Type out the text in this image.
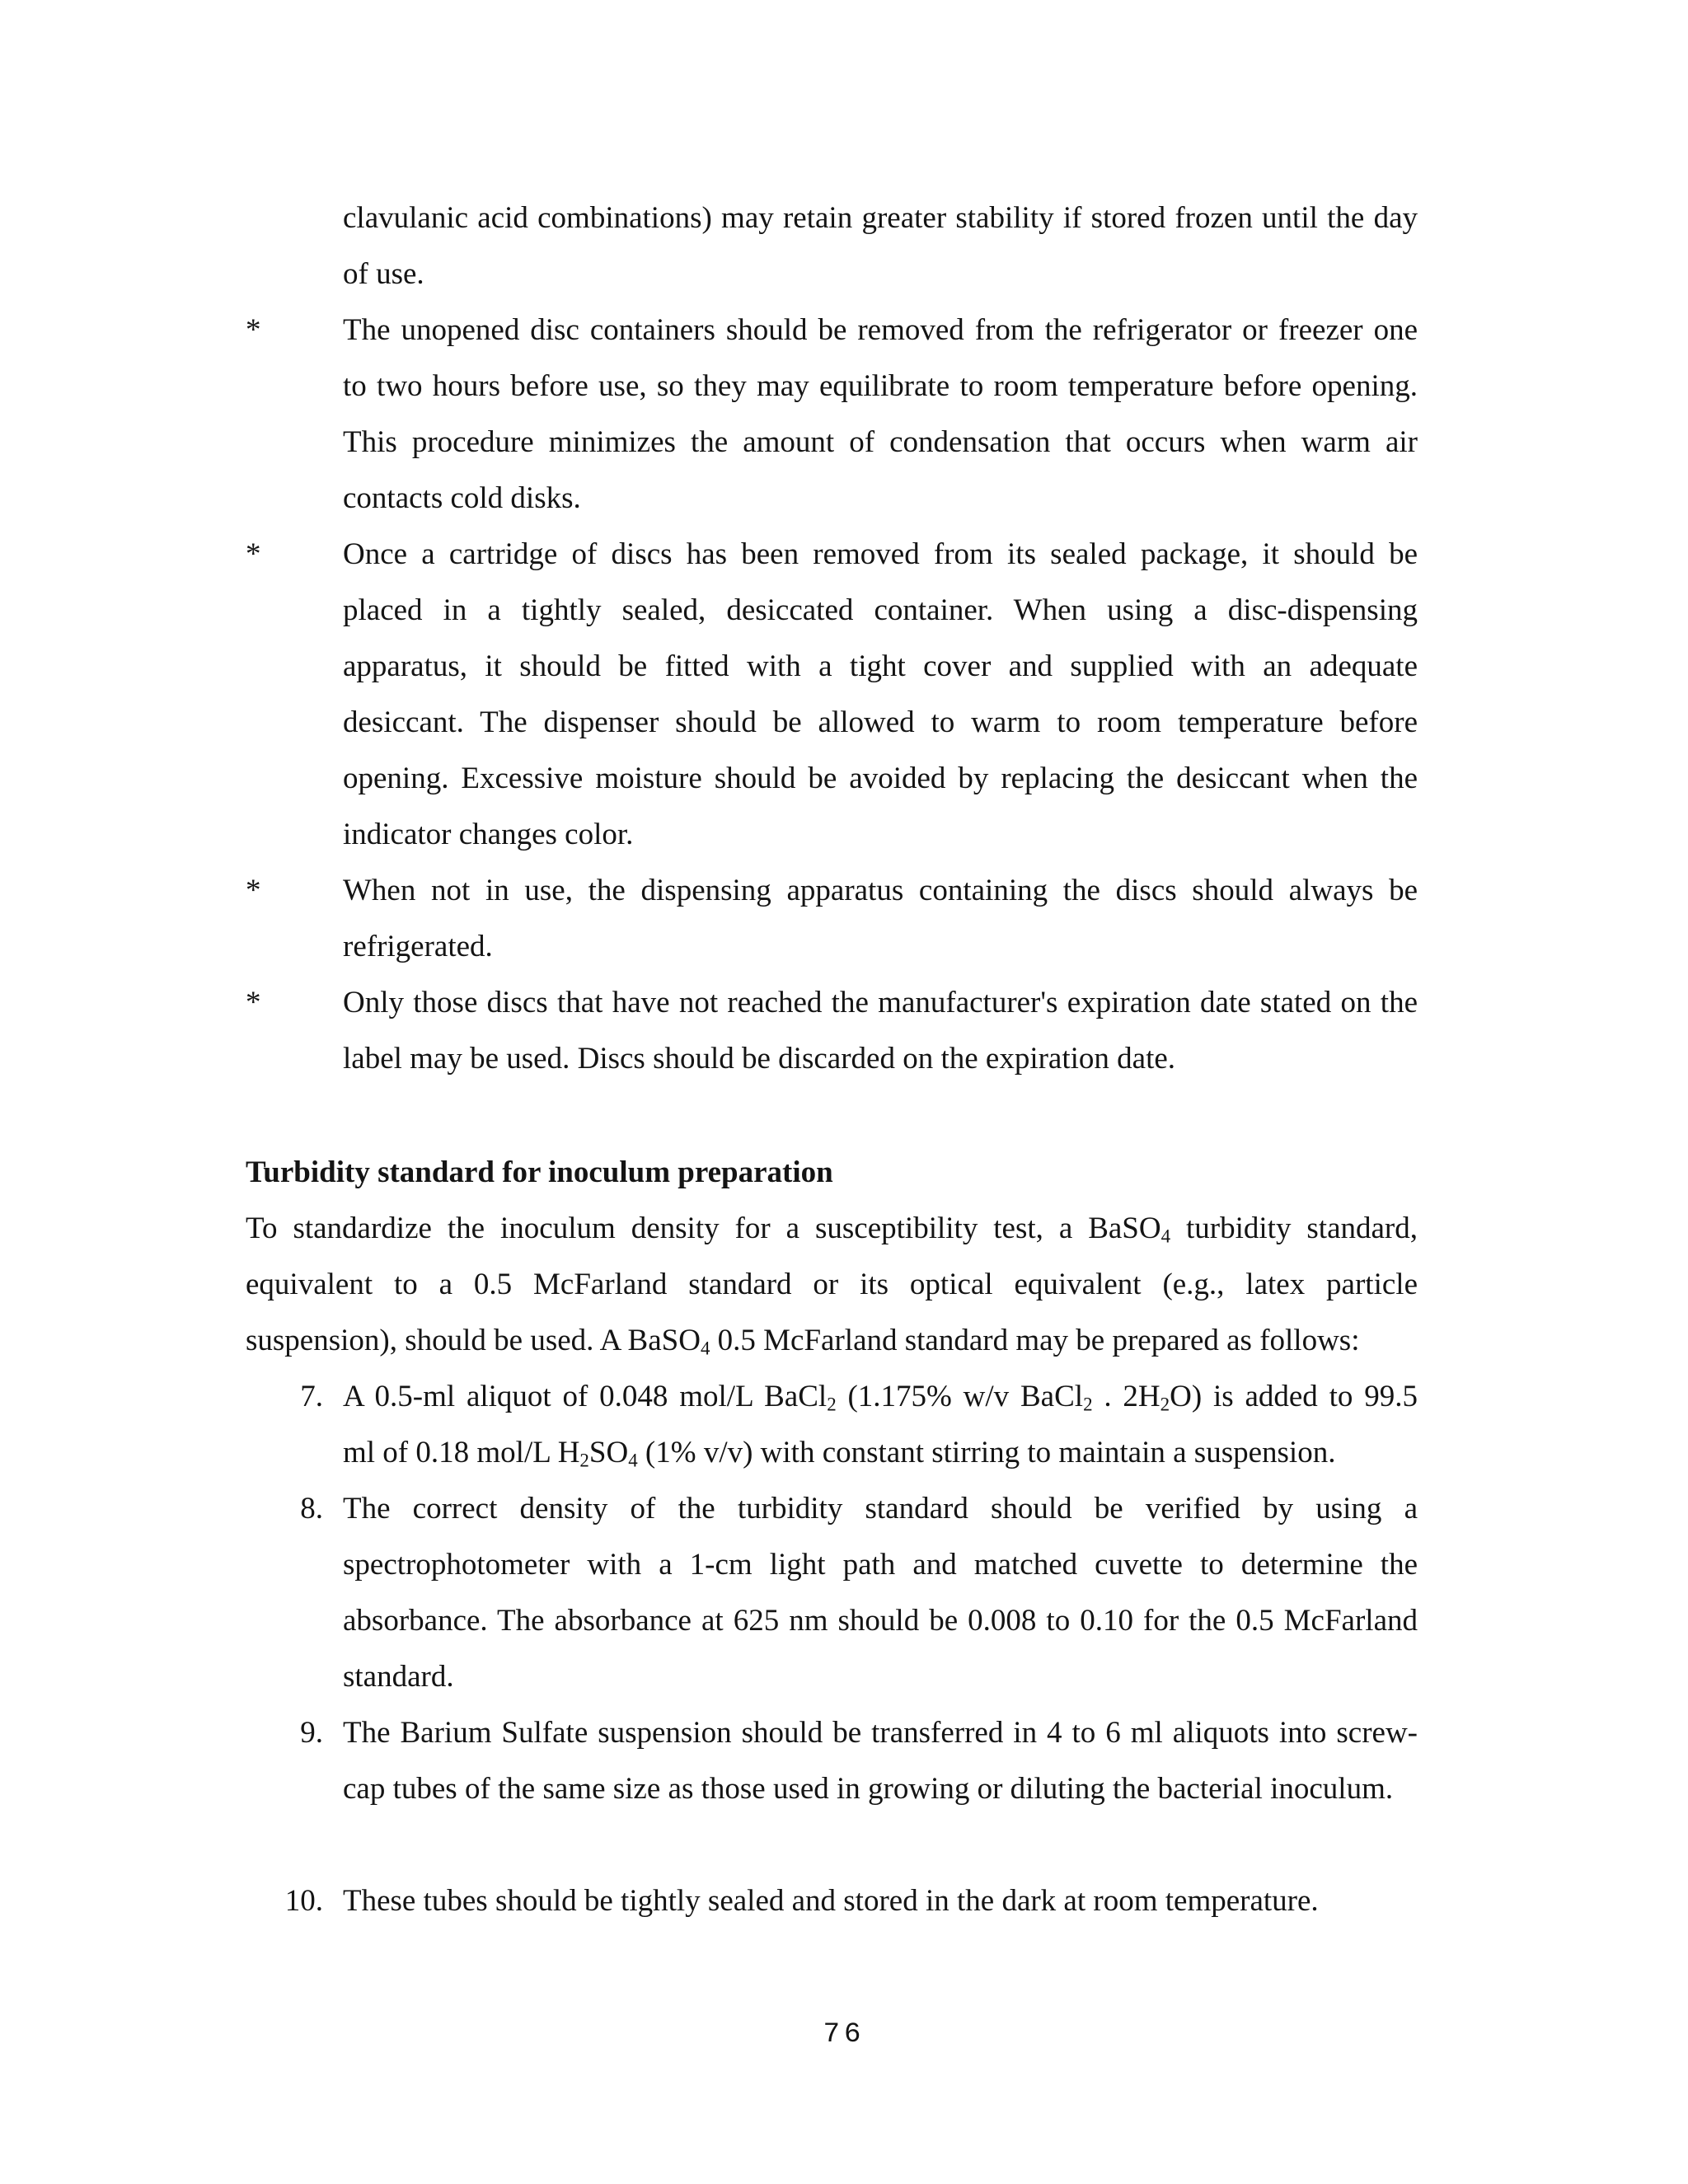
clavulanic acid combinations) may retain greater stability if stored frozen until the day
of use.
*	The unopened disc containers should be removed from the refrigerator or freezer one
to two hours before use, so they may equilibrate to room temperature before opening.
This procedure minimizes the amount of condensation that occurs when warm air
contacts cold disks.
*	Once a cartridge of discs has been removed from its sealed package, it should be
placed in a tightly sealed, desiccated container. When using a disc-dispensing
apparatus, it should be fitted with a tight cover and supplied with an adequate
desiccant. The dispenser should be allowed to warm to room temperature before
opening. Excessive moisture should be avoided by replacing the desiccant when the
indicator changes color.
*	When not in use, the dispensing apparatus containing the discs should always be
refrigerated.
*	Only those discs that have not reached the manufacturer's expiration date stated on the
label may be used. Discs should be discarded on the expiration date.
Turbidity standard for inoculum preparation
To standardize the inoculum density for a susceptibility test, a BaSO$_4$ turbidity standard,
equivalent to a 0.5 McFarland standard or its optical equivalent (e.g., latex particle
suspension), should be used. A BaSO$_4$ 0.5 McFarland standard may be prepared as follows:
7. A 0.5-ml aliquot of 0.048 mol/L BaCl$_2$ (1.175% w/v BaCl$_2$ . $2H_2O$) is added to 99.5
ml of 0.18 mol/L $H_2SO_4$ (1% v/v) with constant stirring to maintain a suspension.
8. The correct density of the turbidity standard should be verified by using a
spectrophotometer with a 1-cm light path and matched cuvette to determine the
absorbance. The absorbance at 625 nm should be 0.008 to 0.10 for the 0.5 McFarland
standard.
9. The Barium Sulfate suspension should be transferred in 4 to 6 ml aliquots into screw-
cap tubes of the same size as those used in growing or diluting the bacterial inoculum.
10. These tubes should be tightly sealed and stored in the dark at room temperature.
76
